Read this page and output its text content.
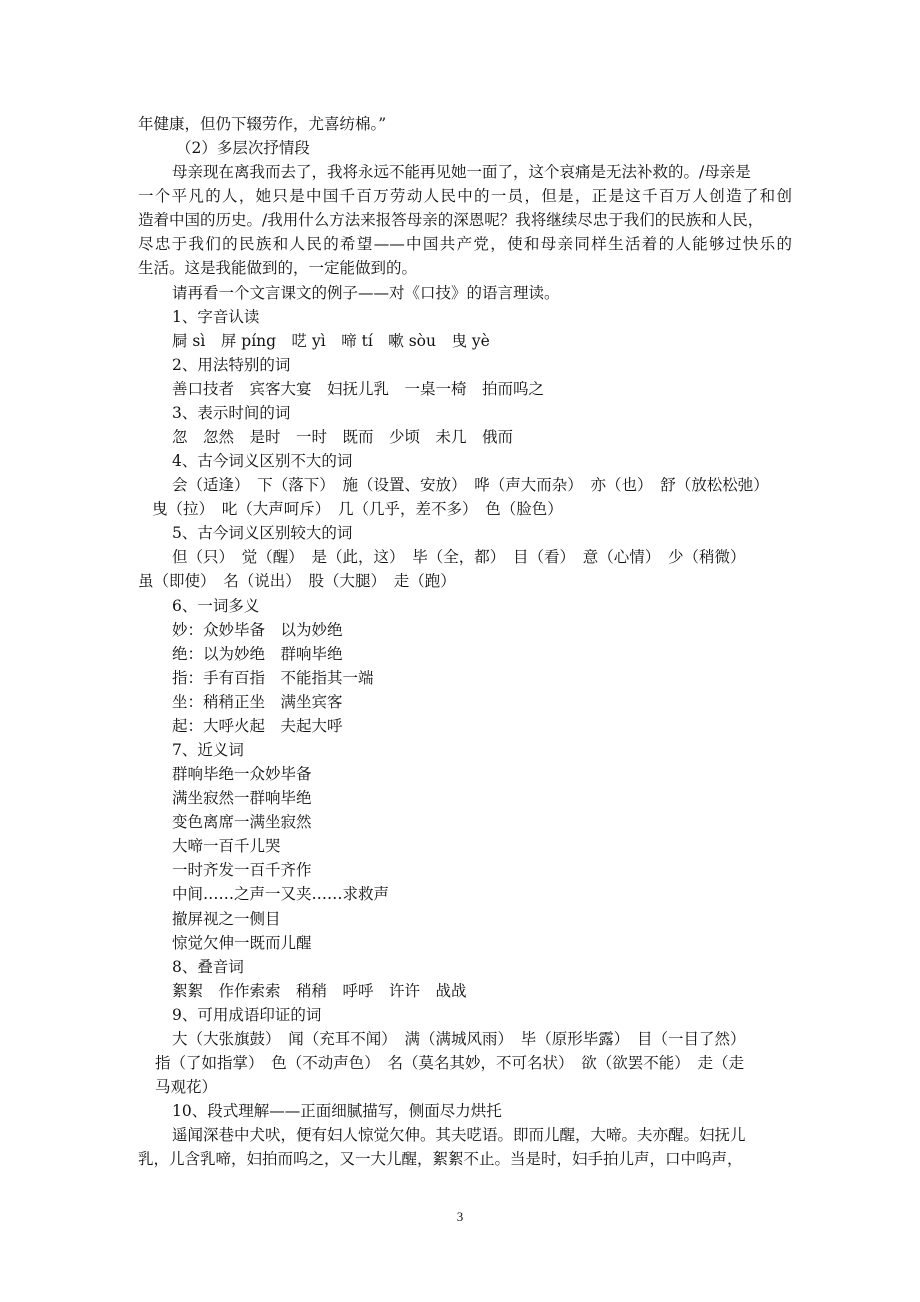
年健康，但仍下辍劳作，尤喜纺棉。”
（2）多层次抒情段
母亲现在离我而去了，我将永远不能再见她一面了，这个哀痛是无法补救的。/母亲是
一个平凡的人，她只是中国千百万劳动人民中的一员，但是，正是这千百万人创造了和创
造着中国的历史。/我用什么方法来报答母亲的深恩呢？我将继续尽忠于我们的民族和人民，
尽忠于我们的民族和人民的希望——中国共产党，使和母亲同样生活着的人能够过快乐的
生活。这是我能做到的，一定能做到的。
请再看一个文言课文的例子——对《口技》的语言理读。
1、字音认读
屙 sì　屏 píng　呓 yì　啼 tí　嗽 sòu　曳 yè
2、用法特别的词
善口技者　宾客大宴　妇抚儿乳　一桌一椅　拍而呜之
3、表示时间的词
忽　忽然　是时　一时　既而　少顷　未几　俄而
4、古今词义区别不大的词
会（适逢）　下（落下）　施（设置、安放）　哗（声大而杂）　亦（也）　舒（放松松弛）
曳（拉）　叱（大声呵斥）　几（几乎，差不多）　色（脸色）
5、古今词义区别较大的词
但（只）　觉（醒）　是（此，这）　毕（全，都）　目（看）　意（心情）　少（稍微）
虽（即使）　名（说出）　股（大腿）　走（跑）
6、一词多义
妙：众妙毕备　以为妙绝
绝：以为妙绝　群响毕绝
指：手有百指　不能指其一端
坐：稍稍正坐　满坐宾客
起：大呼火起　夫起大呼
7、近义词
群响毕绝一众妙毕备
满坐寂然一群响毕绝
变色离席一满坐寂然
大啼一百千儿哭
一时齐发一百千齐作
中间……之声一又夹……求救声
撤屏视之一侧目
惊觉欠伸一既而儿醒
8、叠音词
絮絮　作作索索　稍稍　呼呼　许许　战战
9、可用成语印证的词
大（大张旗鼓）　闻（充耳不闻）　满（满城风雨）　毕（原形毕露）　目（一目了然）
指（了如指掌）　色（不动声色）　名（莫名其妙，不可名状）　欲（欲罢不能）　走（走
马观花）
10、段式理解——正面细腻描写，侧面尽力烘托
遥闻深巷中犬吠，便有妇人惊觉欠伸。其夫呓语。即而儿醒，大啼。夫亦醒。妇抚儿
乳，儿含乳啼，妇拍而呜之，又一大儿醒，絮絮不止。当是时，妇手拍儿声，口中呜声，
3
